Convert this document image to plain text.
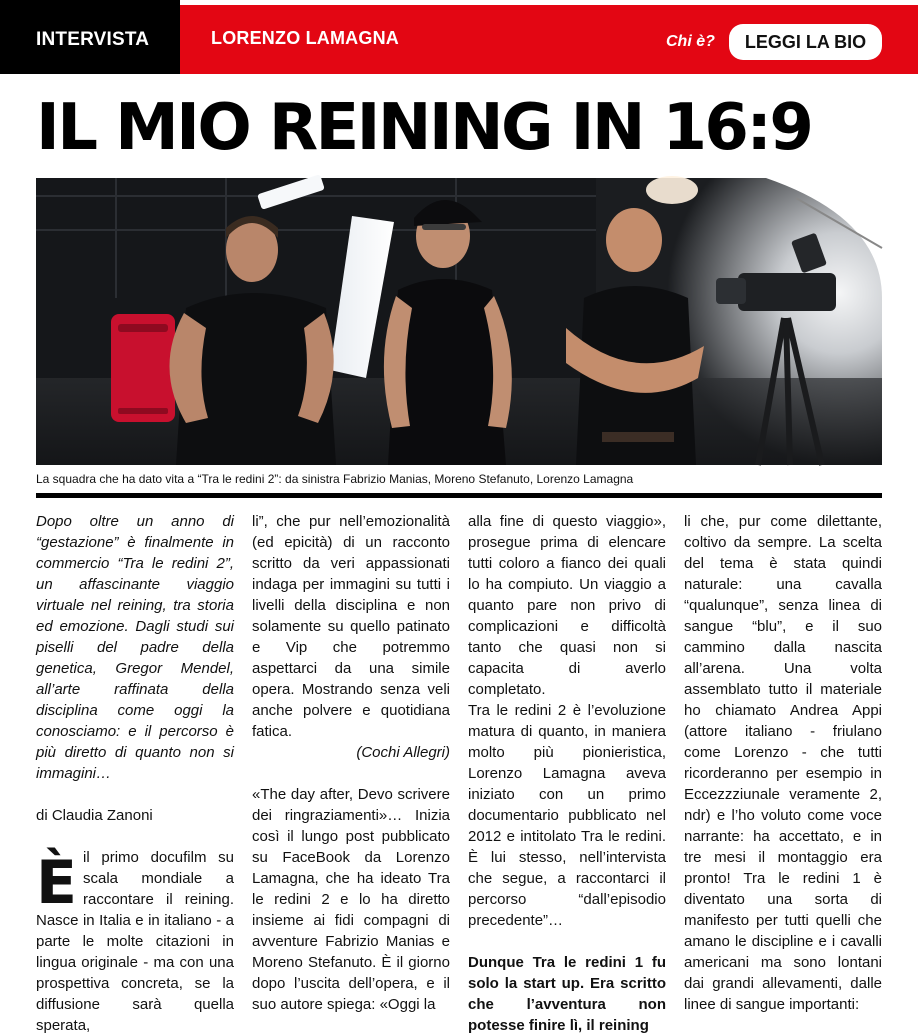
INTERVISTA	LORENZO LAMAGNA	Chi è?	LEGGI LA BIO
IL MIO REINING IN 16:9
La squadra che ha dato vita a “Tra le redini 2”: da sinistra Fabrizio Manias, Moreno Stefanuto, Lorenzo Lamagna

Dopo oltre un anno di “gestazione” è finalmente in commercio “Tra le redini 2”, un affascinante viaggio virtuale nel reining, tra storia ed emozione. Dagli studi sui piselli del padre della genetica, Gregor Mendel, all’arte raffinata della disciplina come oggi la conosciamo: e il percorso è più diretto di quanto non si immagini…

di Claudia Zanoni

È il primo docufilm su scala mondiale a raccontare il reining. Nasce in Italia e in italiano - a parte le molte citazioni in lingua originale - ma con una prospettiva concreta, se la diffusione sarà quella sperata,

li”, che pur nell’emozionalità (ed epicità) di un racconto scritto da veri appassionati indaga per immagini su tutti i livelli della disciplina e non solamente su quello patinato e Vip che potremmo aspettarci da una simile opera. Mostrando senza veli anche polvere e quotidiana fatica.

(Cochi Allegri)

«The day after, Devo scrivere dei ringraziamenti»… Inizia così il lungo post pubblicato su FaceBook da Lorenzo Lamagna, che ha ideato Tra le redini 2 e lo ha diretto insieme ai fidi compagni di avventure Fabrizio Manias e Moreno Stefanuto. È il giorno dopo l’uscita dell’opera, e il suo autore spiega: «Oggi la

alla fine di questo viaggio», prosegue prima di elencare tutti coloro a fianco dei quali lo ha compiuto. Un viaggio a quanto pare non privo di complicazioni e difficoltà tanto che quasi non si capacita di averlo completato.

Tra le redini 2 è l’evoluzione matura di quanto, in maniera molto più pionieristica, Lorenzo Lamagna aveva iniziato con un primo documentario pubblicato nel 2012 e intitolato Tra le redini. È lui stesso, nell’intervista che segue, a raccontarci il percorso “dall’episodio precedente”…

Dunque Tra le redini 1 fu solo la start up. Era scritto che l’avventura non potesse finire lì, il reining

li che, pur come dilettante, coltivo da sempre. La scelta del tema è stata quindi naturale: una cavalla “qualunque”, senza linea di sangue “blu”, e il suo cammino dalla nascita all’arena. Una volta assemblato tutto il materiale ho chiamato Andrea Appi (attore italiano - friulano come Lorenzo - che tutti ricorderanno per esempio in Eccezzziunale veramente 2, ndr) e l’ho voluto come voce narrante: ha accettato, e in tre mesi il montaggio era pronto! Tra le redini 1 è diventato una sorta di manifesto per tutti quelli che amano le discipline e i cavalli americani ma sono lontani dai grandi allevamenti, dalle linee di sangue importanti:
